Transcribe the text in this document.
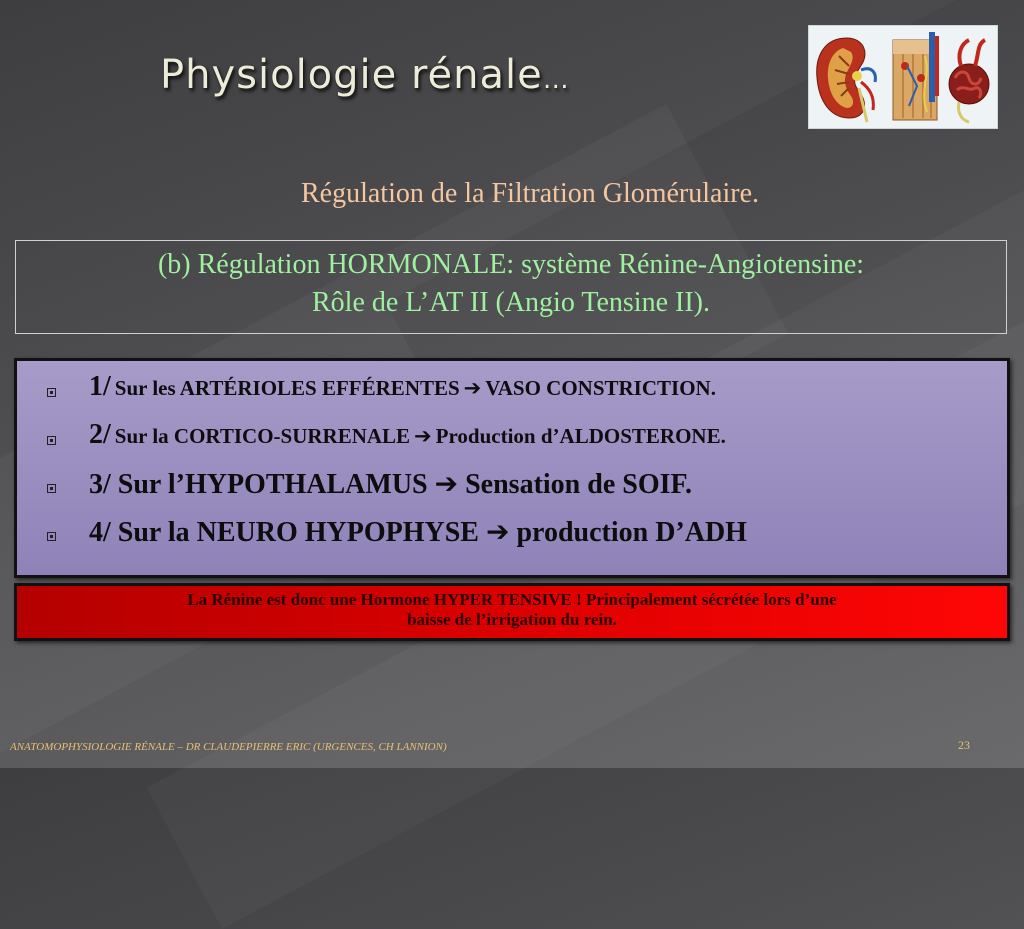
Physiologie rénale…
Régulation de la Filtration Glomérulaire.
(b) Régulation HORMONALE: système Rénine-Angiotensine:
Rôle de L’AT II (Angio Tensine II).
1/ Sur les ARTÉRIOLES EFFÉRENTES ➔ VASO CONSTRICTION.
2/ Sur la CORTICO-SURRENALE ➔ Production d’ALDOSTERONE.
3/ Sur l’HYPOTHALAMUS ➔ Sensation de SOIF.
4/ Sur la NEURO HYPOPHYSE ➔ production D’ADH
La Rénine est donc une Hormone HYPER TENSIVE ! Principalement sécrétée lors d’une
baisse de l’irrigation du rein.
ANATOMOPHYSIOLOGIE RÉNALE – DR CLAUDEPIERRE ERIC (URGENCES, CH LANNION)	23
